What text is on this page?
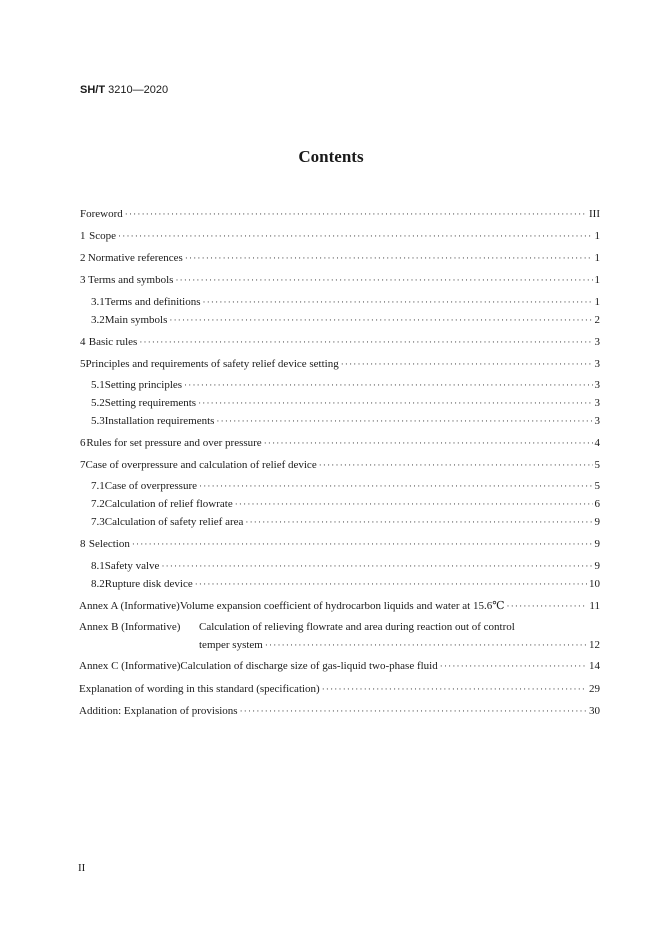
SH/T 3210—2020
Contents
Foreword ·····	III
1 Scope ·····	1
2 Normative references ·····	1
3 Terms and symbols ·····	1
3.1 Terms and definitions ·····	1
3.2 Main symbols ·····	2
4 Basic rules ·····	3
5 Principles and requirements of safety relief device setting ·····	3
5.1 Setting principles ·····	3
5.2 Setting requirements ·····	3
5.3 Installation requirements ·····	3
6 Rules for set pressure and over pressure ·····	4
7 Case of overpressure and calculation of relief device ·····	5
7.1 Case of overpressure ·····	5
7.2 Calculation of relief flowrate ·····	6
7.3 Calculation of safety relief area ·····	9
8 Selection ·····	9
8.1 Safety valve ·····	9
8.2 Rupture disk device ·····	10
Annex A (Informative) Volume expansion coefficient of hydrocarbon liquids and water at 15.6℃ ·····	11
Annex B (Informative) Calculation of relieving flowrate and area during reaction out of control
temper system ·····	12
Annex C (Informative) Calculation of discharge size of gas-liquid two-phase fluid ·····	14
Explanation of wording in this standard (specification) ·····	29
Addition: Explanation of provisions ·····	30
II
